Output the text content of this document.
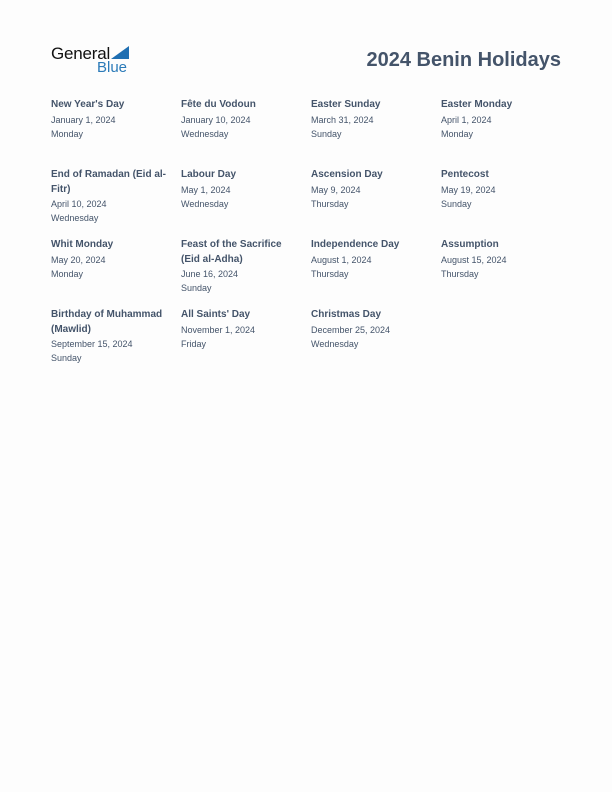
General
Blue	2024 Benin Holidays
New Year's Day
January 1, 2024
Monday
Fête du Vodoun
January 10, 2024
Wednesday
Easter Sunday
March 31, 2024
Sunday
Easter Monday
April 1, 2024
Monday
End of Ramadan (Eid al-Fitr)
April 10, 2024
Wednesday
Labour Day
May 1, 2024
Wednesday
Ascension Day
May 9, 2024
Thursday
Pentecost
May 19, 2024
Sunday
Whit Monday
May 20, 2024
Monday
Feast of the Sacrifice (Eid al-Adha)
June 16, 2024
Sunday
Independence Day
August 1, 2024
Thursday
Assumption
August 15, 2024
Thursday
Birthday of Muhammad (Mawlid)
September 15, 2024
Sunday
All Saints' Day
November 1, 2024
Friday
Christmas Day
December 25, 2024
Wednesday
